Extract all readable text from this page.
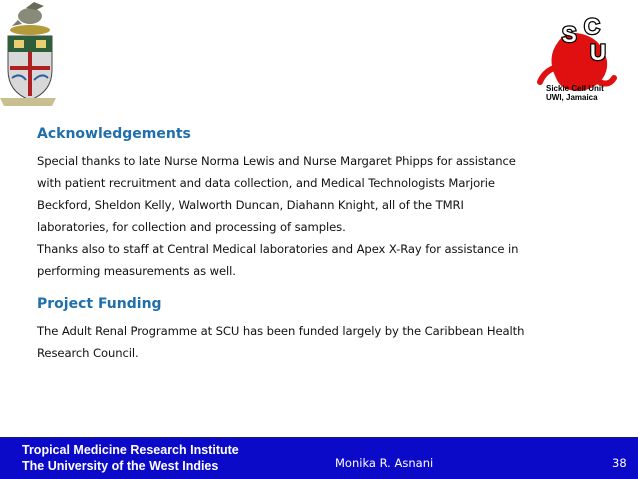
S C
U
Sickle Cell Unit
UWI, Jamaica
Acknowledgements

Special thanks to late Nurse Norma Lewis and Nurse Margaret Phipps for assistance

with patient recruitment and data collection, and Medical Technologists Marjorie

Beckford, Sheldon Kelly, Walworth Duncan, Diahann Knight, all of the TMRI

laboratories, for collection and processing of samples.

Thanks also to staff at Central Medical laboratories and Apex X-Ray for assistance in

performing measurements as well.

Project Funding

The Adult Renal Programme at SCU has been funded largely by the Caribbean Health

Research Council.

Tropical Medicine Research Institute
The University of the West Indies	Monika R. Asnani	38
